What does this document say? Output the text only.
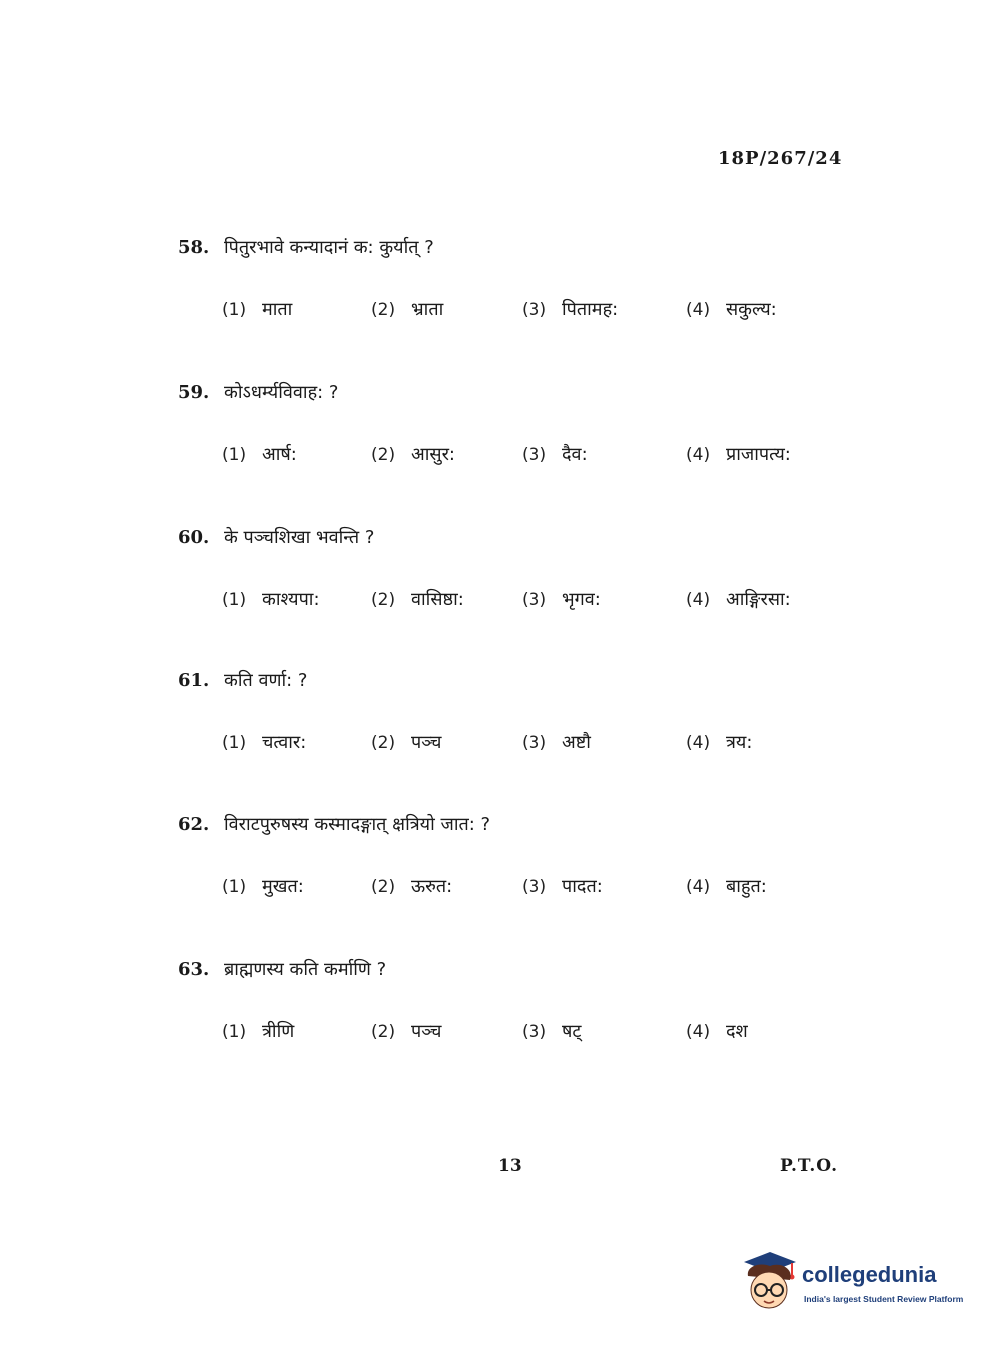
18P/267/24
58. पितुरभावे कन्यादानं क: कुर्यात् ?
(1) माता	(2) भ्राता	(3) पितामह:	(4) सकुल्य:
59. कोऽधर्म्यविवाह: ?
(1) आर्ष:	(2) आसुर:	(3) दैव:	(4) प्राजापत्य:
60. के पञ्चशिखा भवन्ति ?
(1) काश्यपा:	(2) वासिष्ठा:	(3) भृगव:	(4) आङ्गिरसा:
61. कति वर्णा: ?
(1) चत्वार:	(2) पञ्च	(3) अष्टौ	(4) त्रय:
62. विराटपुरुषस्य कस्मादङ्गात् क्षत्रियो जात: ?
(1) मुखत:	(2) ऊरुत:	(3) पादत:	(4) बाहुत:
63. ब्राह्मणस्य कति कर्माणि ?
(1) त्रीणि	(2) पञ्च	(3) षट्	(4) दश
13	P.T.O.
collegedunia
India's largest Student Review Platform
